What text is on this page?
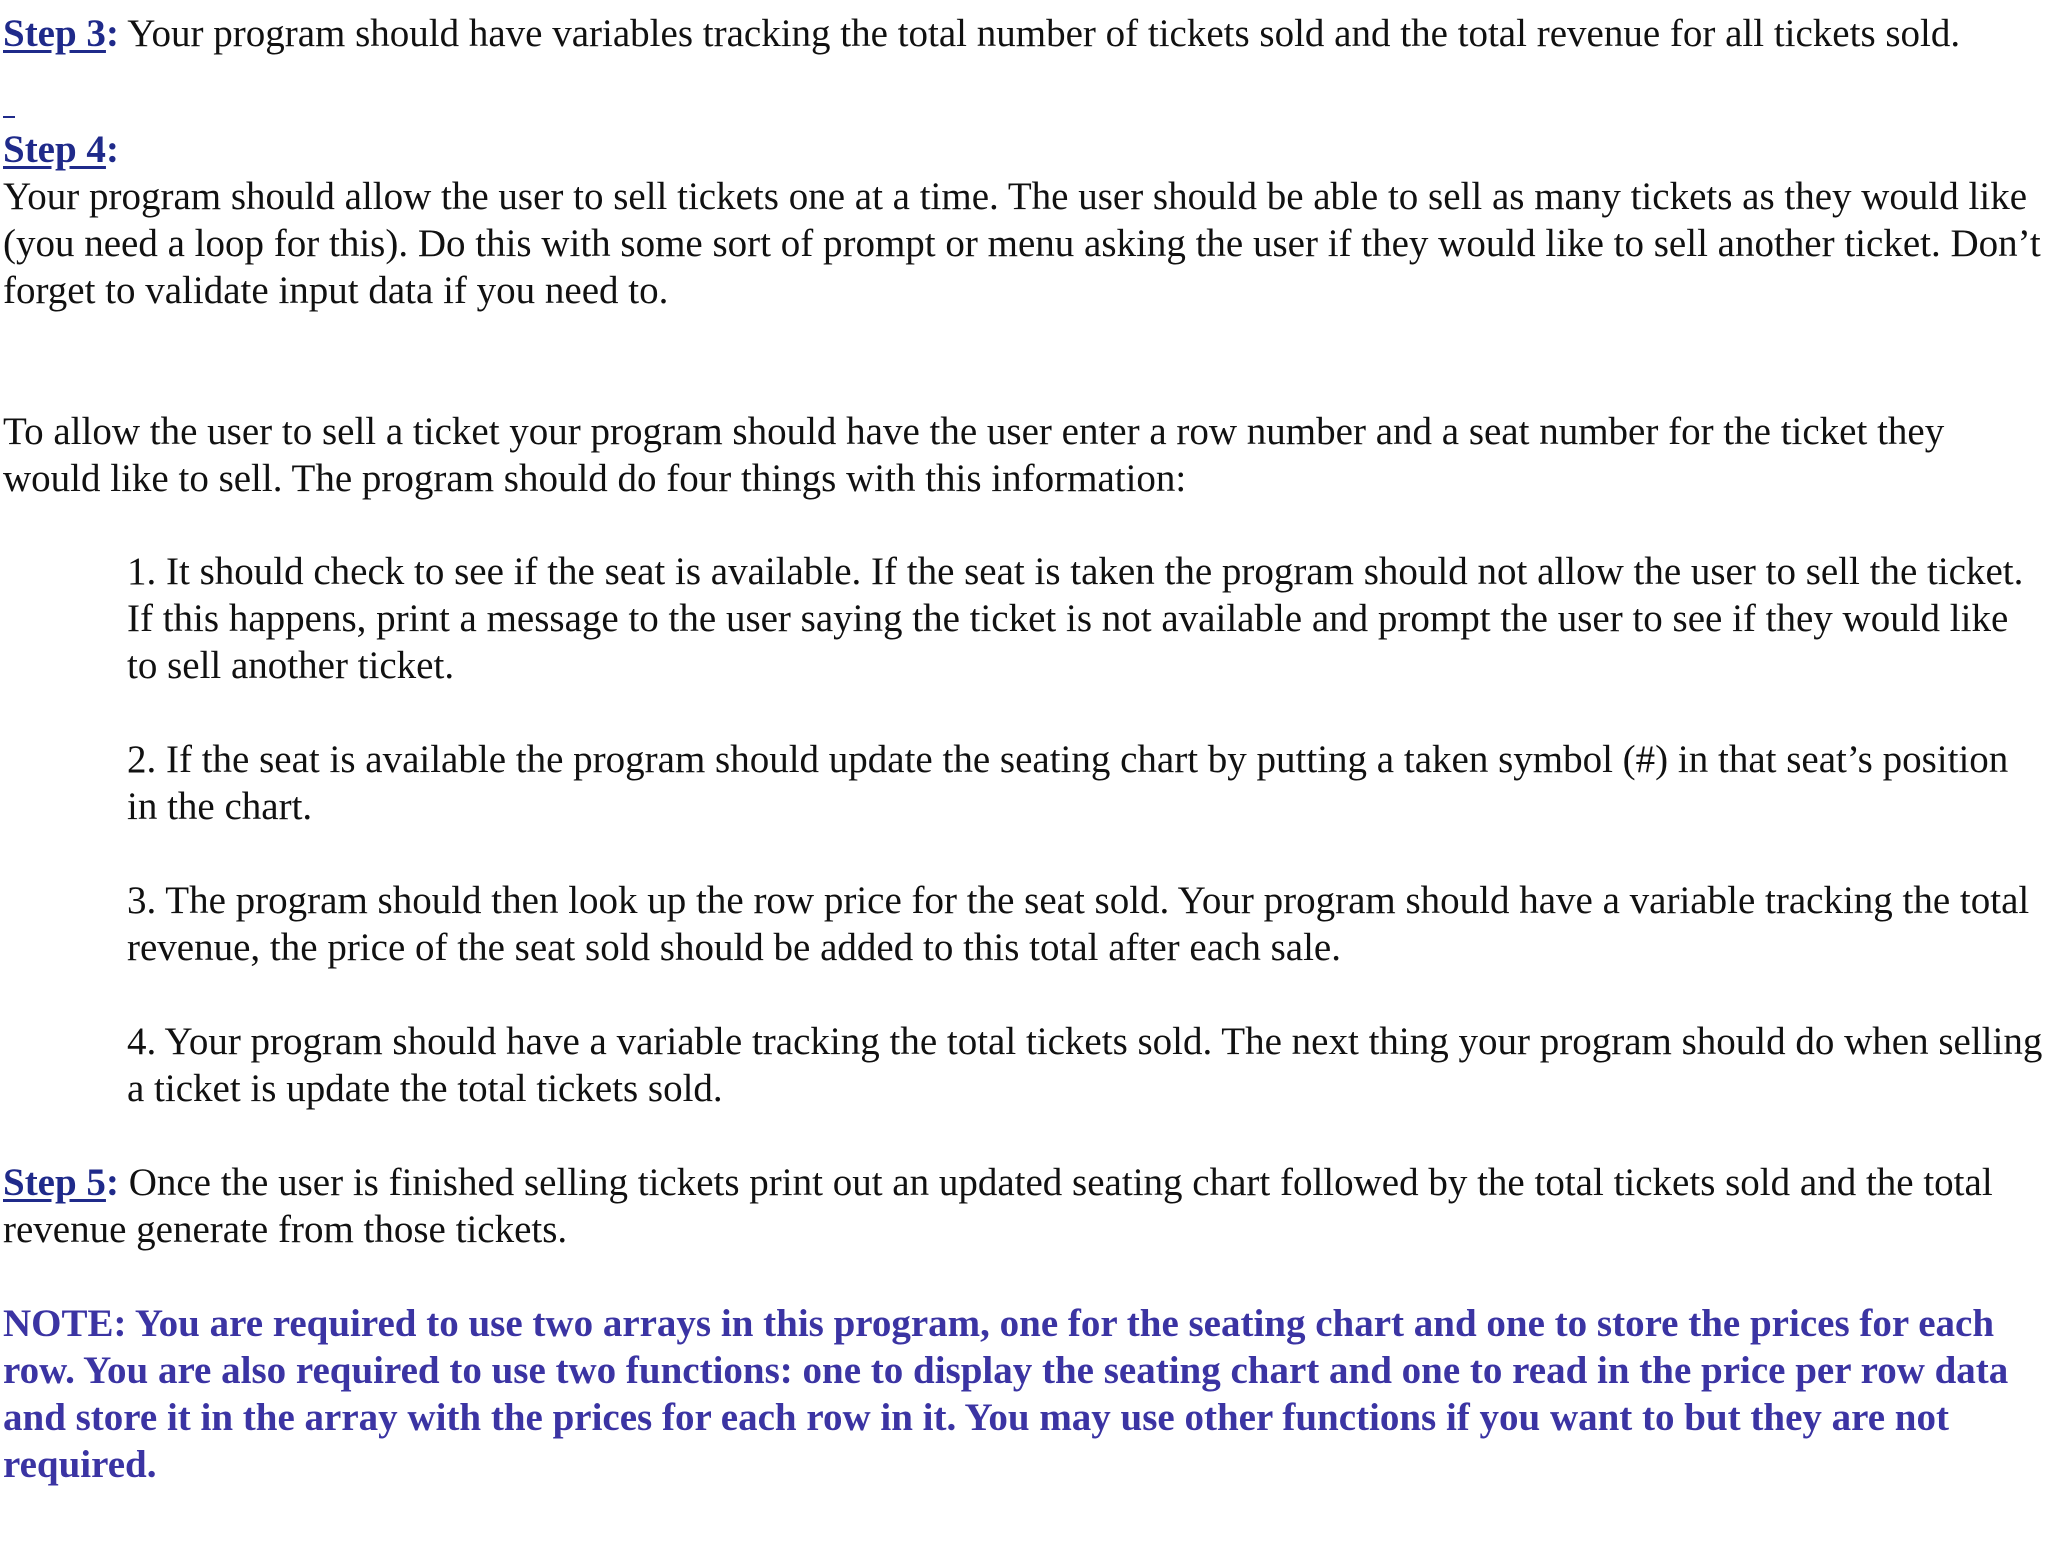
Step 3: Your program should have variables tracking the total number of tickets sold and the total revenue for all tickets sold.

Step 4:

Your program should allow the user to sell tickets one at a time. The user should be able to sell as many tickets as they would like (you need a loop for this). Do this with some sort of prompt or menu asking the user if they would like to sell another ticket. Don’t forget to validate input data if you need to.

To allow the user to sell a ticket your program should have the user enter a row number and a seat number for the ticket they would like to sell. The program should do four things with this information:

1. It should check to see if the seat is available. If the seat is taken the program should not allow the user to sell the ticket. If this happens, print a message to the user saying the ticket is not available and prompt the user to see if they would like to sell another ticket.

2. If the seat is available the program should update the seating chart by putting a taken symbol (#) in that seat’s position in the chart.

3. The program should then look up the row price for the seat sold. Your program should have a variable tracking the total revenue, the price of the seat sold should be added to this total after each sale.

4. Your program should have a variable tracking the total tickets sold. The next thing your program should do when selling a ticket is update the total tickets sold.

Step 5: Once the user is finished selling tickets print out an updated seating chart followed by the total tickets sold and the total revenue generate from those tickets.

NOTE: You are required to use two arrays in this program, one for the seating chart and one to store the prices for each row. You are also required to use two functions: one to display the seating chart and one to read in the price per row data and store it in the array with the prices for each row in it. You may use other functions if you want to but they are not required.
